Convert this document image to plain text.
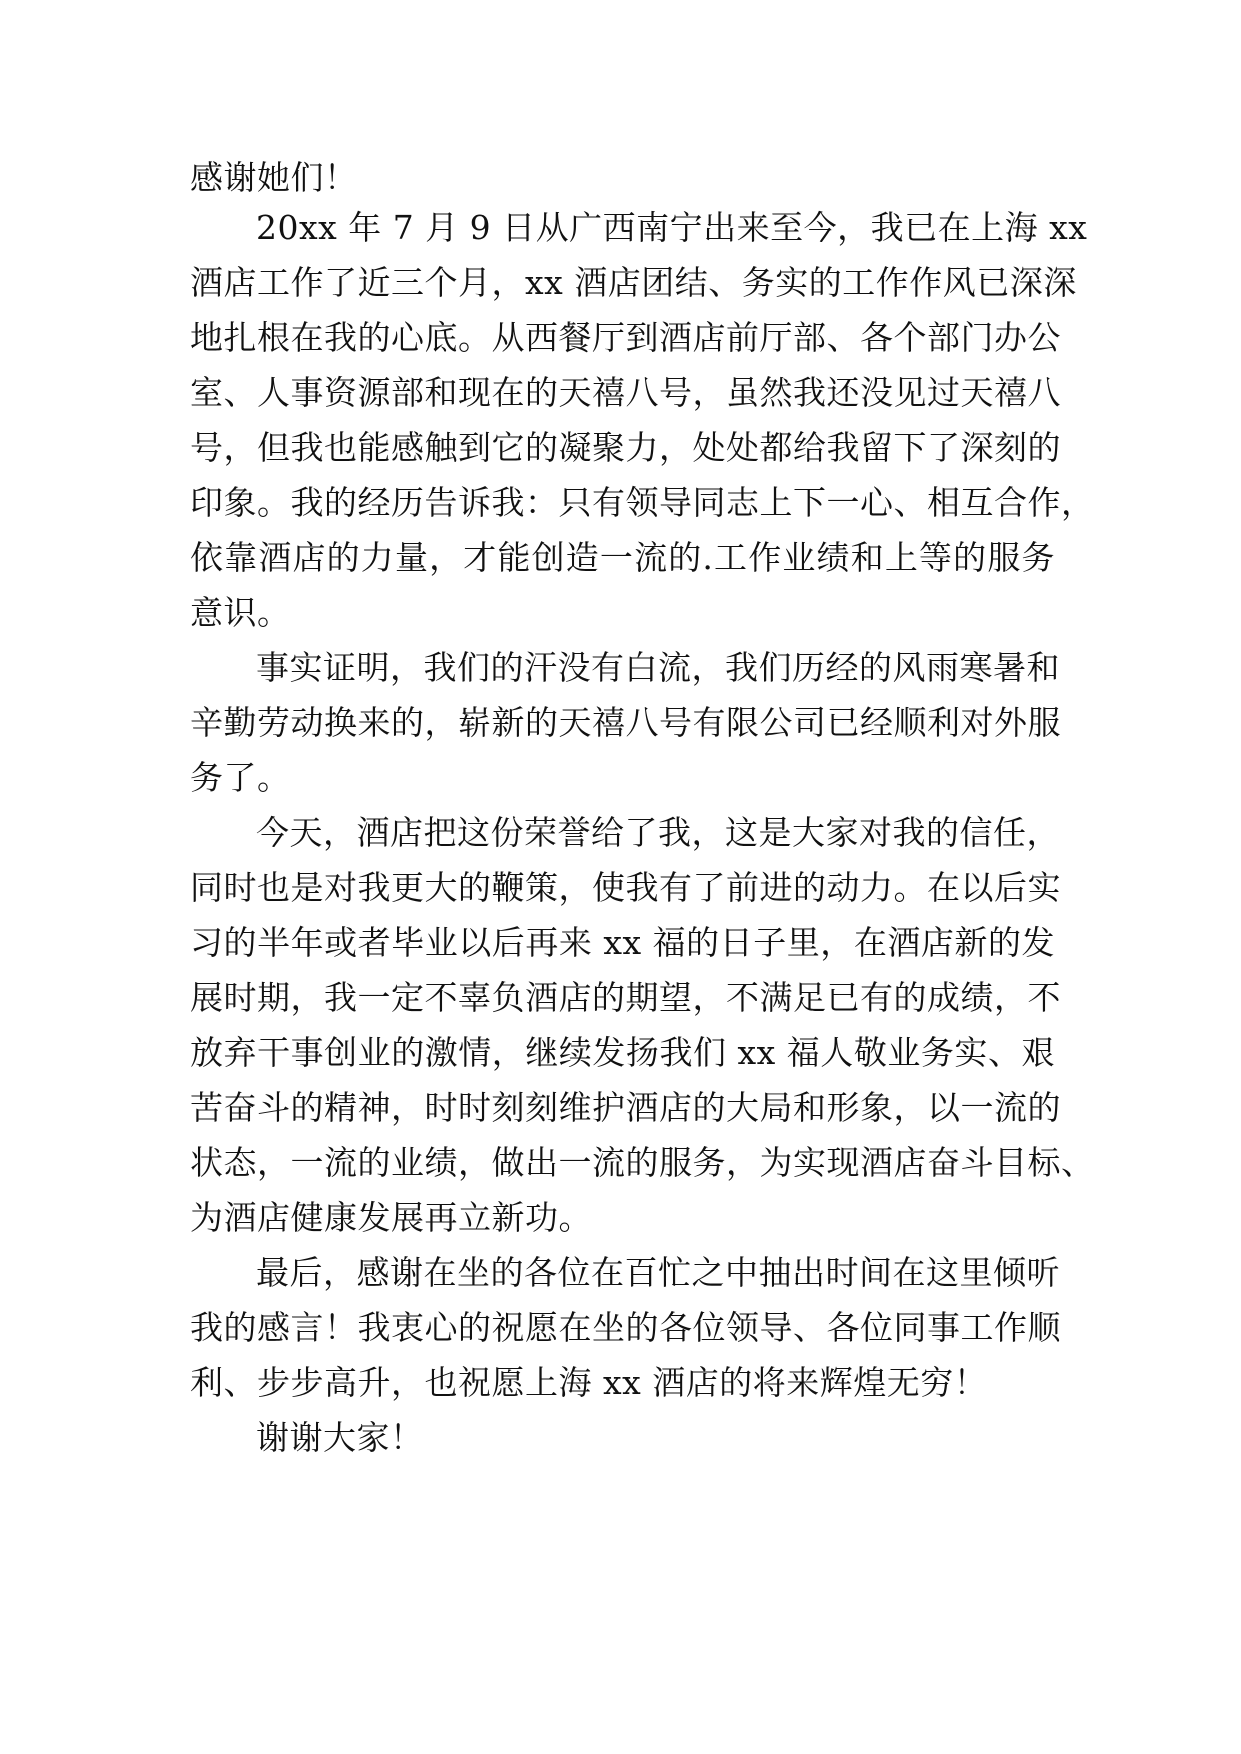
感谢她们！
20xx 年 7 月 9 日从广西南宁出来至今，我已在上海 xx
酒店工作了近三个月，xx 酒店团结、务实的工作作风已深深
地扎根在我的心底。从西餐厅到酒店前厅部、各个部门办公
室、人事资源部和现在的天禧八号，虽然我还没见过天禧八
号，但我也能感触到它的凝聚力，处处都给我留下了深刻的
印象。我的经历告诉我：只有领导同志上下一心、相互合作，
依靠酒店的力量，才能创造一流的.工作业绩和上等的服务
意识。
事实证明，我们的汗没有白流，我们历经的风雨寒暑和
辛勤劳动换来的，崭新的天禧八号有限公司已经顺利对外服
务了。
今天，酒店把这份荣誉给了我，这是大家对我的信任，
同时也是对我更大的鞭策，使我有了前进的动力。在以后实
习的半年或者毕业以后再来 xx 福的日子里，在酒店新的发
展时期，我一定不辜负酒店的期望，不满足已有的成绩，不
放弃干事创业的激情，继续发扬我们 xx 福人敬业务实、艰
苦奋斗的精神，时时刻刻维护酒店的大局和形象，以一流的
状态，一流的业绩，做出一流的服务，为实现酒店奋斗目标、
为酒店健康发展再立新功。
最后，感谢在坐的各位在百忙之中抽出时间在这里倾听
我的感言！我衷心的祝愿在坐的各位领导、各位同事工作顺
利、步步高升，也祝愿上海 xx 酒店的将来辉煌无穷！
谢谢大家！
